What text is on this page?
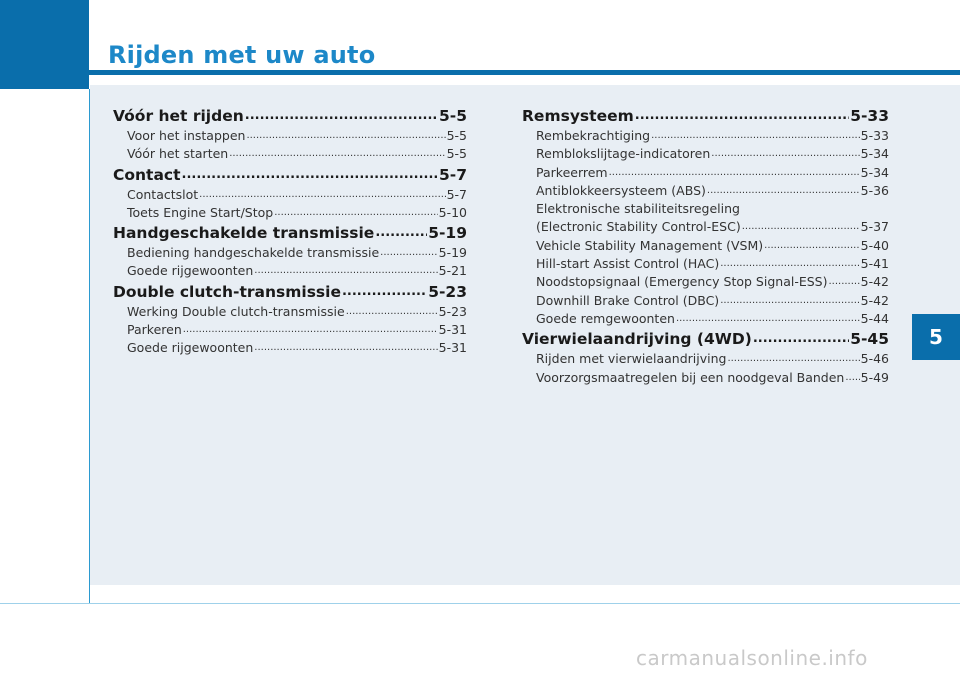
Rijden met uw auto
5
Vóór het rijden .....	5-5
Voor het instappen .....	5-5
Vóór het starten .....	5-5
Contact .....	5-7
Contactslot .....	5-7
Toets Engine Start/Stop .....	5-10
Handgeschakelde transmissie .....	5-19
Bediening handgeschakelde transmissie .....	5-19
Goede rijgewoonten .....	5-21
Double clutch-transmissie .....	5-23
Werking Double clutch-transmissie .....	5-23
Parkeren .....	5-31
Goede rijgewoonten .....	5-31
Remsysteem .....	5-33
Rembekrachtiging .....	5-33
Remblokslijtage-indicatoren .....	5-34
Parkeerrem .....	5-34
Antiblokkeersysteem (ABS) .....	5-36
Elektronische stabiliteitsregeling
(Electronic Stability Control-ESC) .....	5-37
Vehicle Stability Management (VSM) .....	5-40
Hill-start Assist Control (HAC) .....	5-41
Noodstopsignaal (Emergency Stop Signal-ESS) .....	5-42
Downhill Brake Control (DBC) .....	5-42
Goede remgewoonten .....	5-44
Vierwielaandrijving (4WD) .....	5-45
Rijden met vierwielaandrijving .....	5-46
Voorzorgsmaatregelen bij een noodgeval Banden ..... 5-49
carmanualsonline.info
